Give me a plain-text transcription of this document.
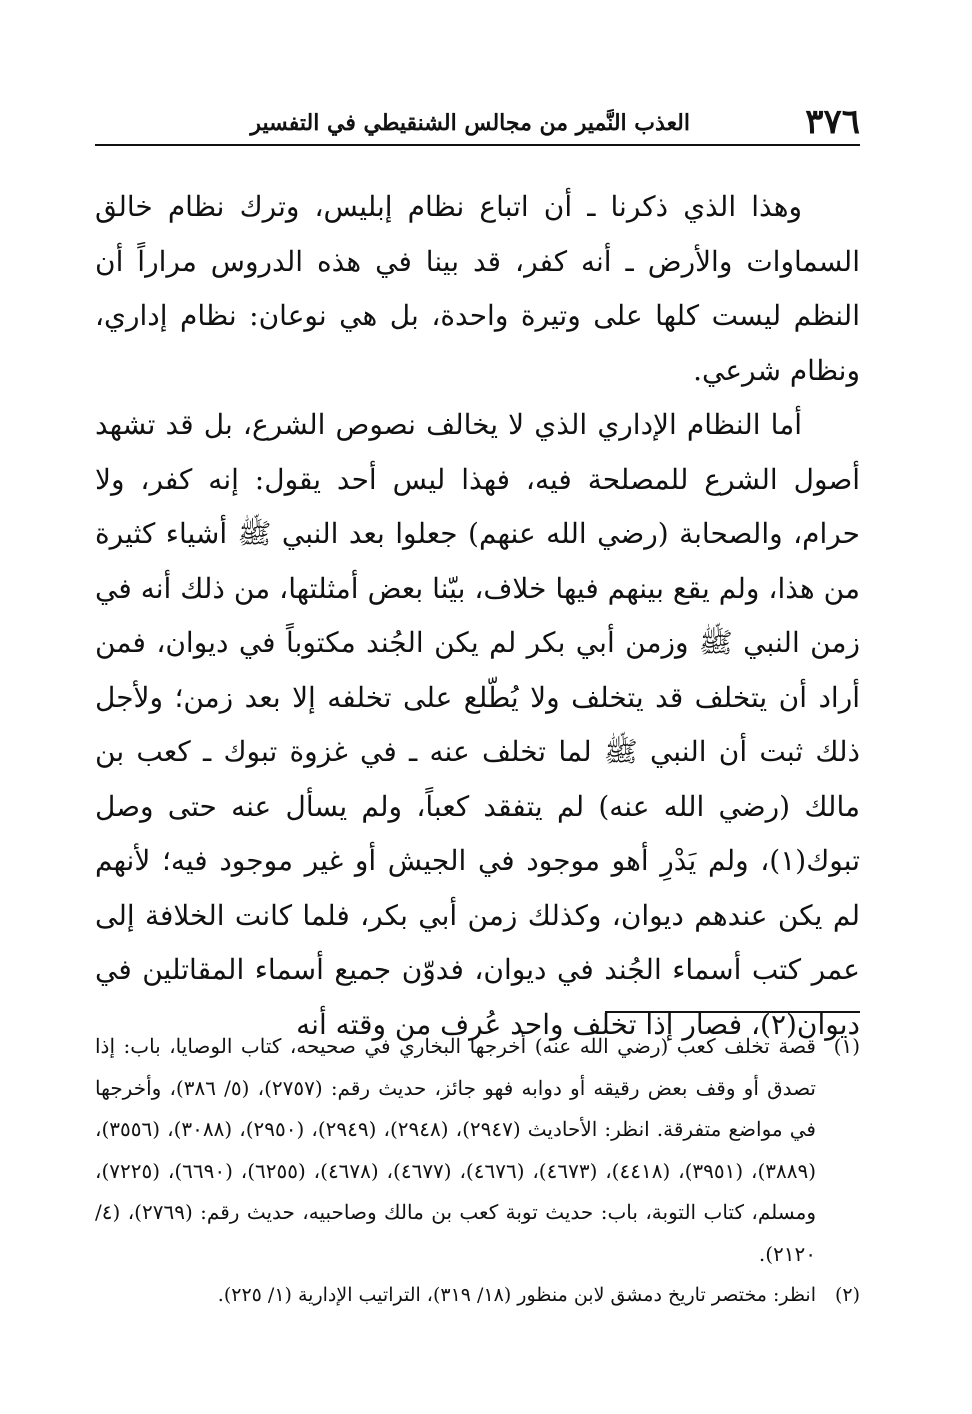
٣٧٦
العذب النَّمير من مجالس الشنقيطي في التفسير

وهذا الذي ذكرنا ـ أن اتباع نظام إبليس، وترك نظام خالق السماوات والأرض ـ أنه كفر، قد بينا في هذه الدروس مراراً أن النظم ليست كلها على وتيرة واحدة، بل هي نوعان: نظام إداري، ونظام شرعي.

أما النظام الإداري الذي لا يخالف نصوص الشرع، بل قد تشهد أصول الشرع للمصلحة فيه، فهذا ليس أحد يقول: إنه كفر، ولا حرام، والصحابة (رضي الله عنهم) جعلوا بعد النبي ﷺ أشياء كثيرة من هذا، ولم يقع بينهم فيها خلاف، بيّنا بعض أمثلتها، من ذلك أنه في زمن النبي ﷺ وزمن أبي بكر لم يكن الجُند مكتوباً في ديوان، فمن أراد أن يتخلف قد يتخلف ولا يُطّلع على تخلفه إلا بعد زمن؛ ولأجل ذلك ثبت أن النبي ﷺ لما تخلف عنه ـ في غزوة تبوك ـ كعب بن مالك (رضي الله عنه) لم يتفقد كعباً، ولم يسأل عنه حتى وصل تبوك(١)، ولم يَدْرِ أهو موجود في الجيش أو غير موجود فيه؛ لأنهم لم يكن عندهم ديوان، وكذلك زمن أبي بكر، فلما كانت الخلافة إلى عمر كتب أسماء الجُند في ديوان، فدوّن جميع أسماء المقاتلين في ديوان(٢)، فصار إذا تخلف واحد عُرف من وقته أنه

(١)
قصة تخلف كعب (رضي الله عنه) أخرجها البخاري في صحيحه، كتاب الوصايا، باب: إذا تصدق أو وقف بعض رقيقه أو دوابه فهو جائز، حديث رقم: (٢٧٥٧)، (٥/ ٣٨٦)، وأخرجها في مواضع متفرقة. انظر: الأحاديث (٢٩٤٧)، (٢٩٤٨)، (٢٩٤٩)، (٢٩٥٠)، (٣٠٨٨)، (٣٥٥٦)، (٣٨٨٩)، (٣٩٥١)، (٤٤١٨)، (٤٦٧٣)، (٤٦٧٦)، (٤٦٧٧)، (٤٦٧٨)، (٦٢٥٥)، (٦٦٩٠)، (٧٢٢٥)، ومسلم، كتاب التوبة، باب: حديث توبة كعب بن مالك وصاحبيه، حديث رقم: (٢٧٦٩)، (٤/ ٢١٢٠).
(٢)
انظر: مختصر تاريخ دمشق لابن منظور (١٨/ ٣١٩)، التراتيب الإدارية (١/ ٢٢٥).
